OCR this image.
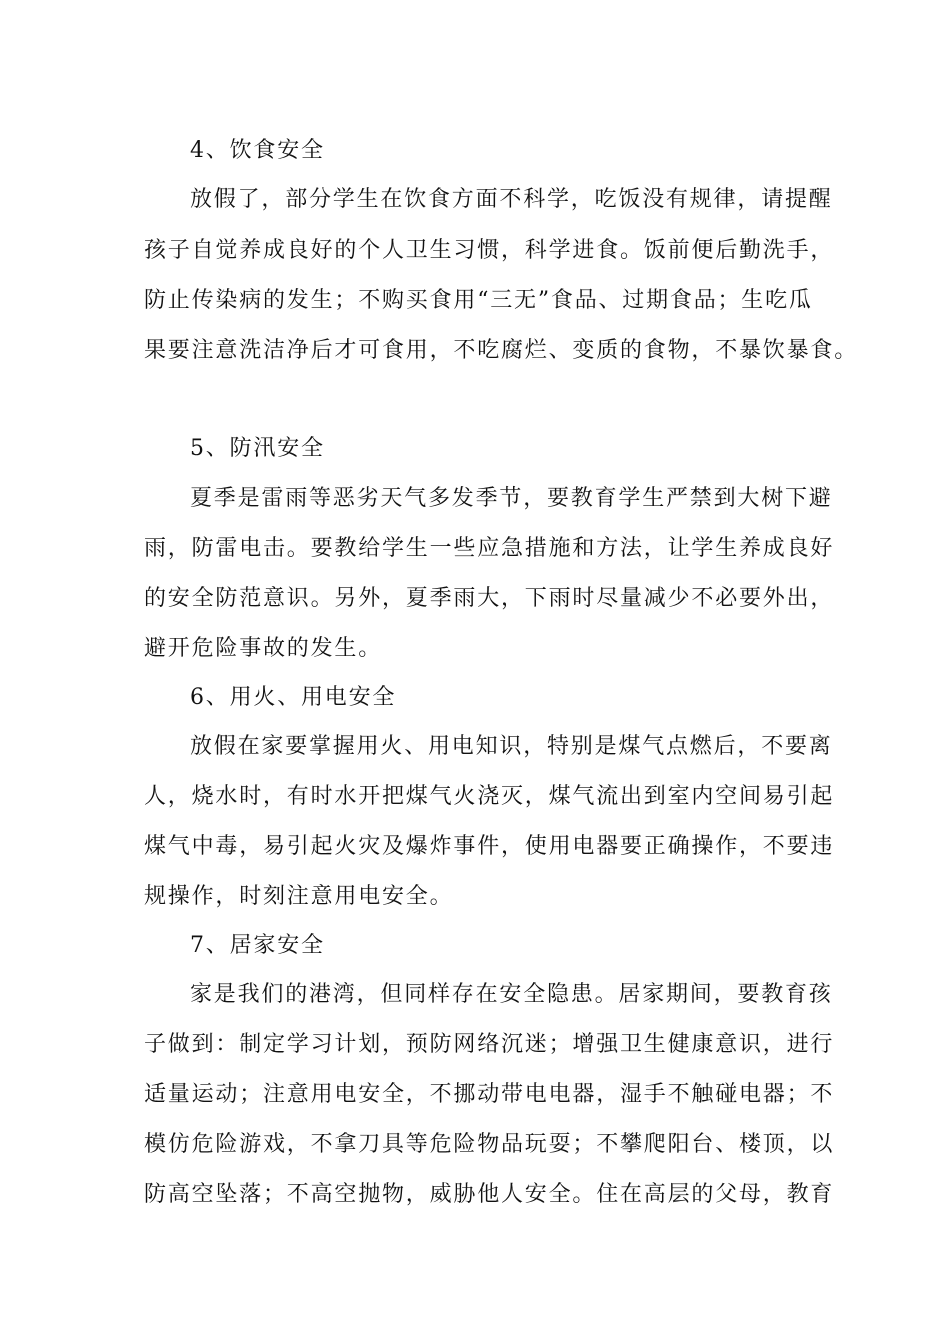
4、饮食安全
放假了，部分学生在饮食方面不科学，吃饭没有规律，请提醒
孩子自觉养成良好的个人卫生习惯，科学进食。饭前便后勤洗手，
防止传染病的发生；不购买食用“三无”食品、过期食品；生吃瓜
果要注意洗洁净后才可食用，不吃腐烂、变质的食物，不暴饮暴食。
5、防汛安全
夏季是雷雨等恶劣天气多发季节，要教育学生严禁到大树下避
雨，防雷电击。要教给学生一些应急措施和方法，让学生养成良好
的安全防范意识。另外，夏季雨大，下雨时尽量减少不必要外出，
避开危险事故的发生。
6、用火、用电安全
放假在家要掌握用火、用电知识，特别是煤气点燃后，不要离
人，烧水时，有时水开把煤气火浇灭，煤气流出到室内空间易引起
煤气中毒，易引起火灾及爆炸事件，使用电器要正确操作，不要违
规操作，时刻注意用电安全。
7、居家安全
家是我们的港湾，但同样存在安全隐患。居家期间，要教育孩
子做到：制定学习计划，预防网络沉迷；增强卫生健康意识，进行
适量运动；注意用电安全，不挪动带电电器，湿手不触碰电器；不
模仿危险游戏，不拿刀具等危险物品玩耍；不攀爬阳台、楼顶，以
防高空坠落；不高空抛物，威胁他人安全。住在高层的父母，教育
